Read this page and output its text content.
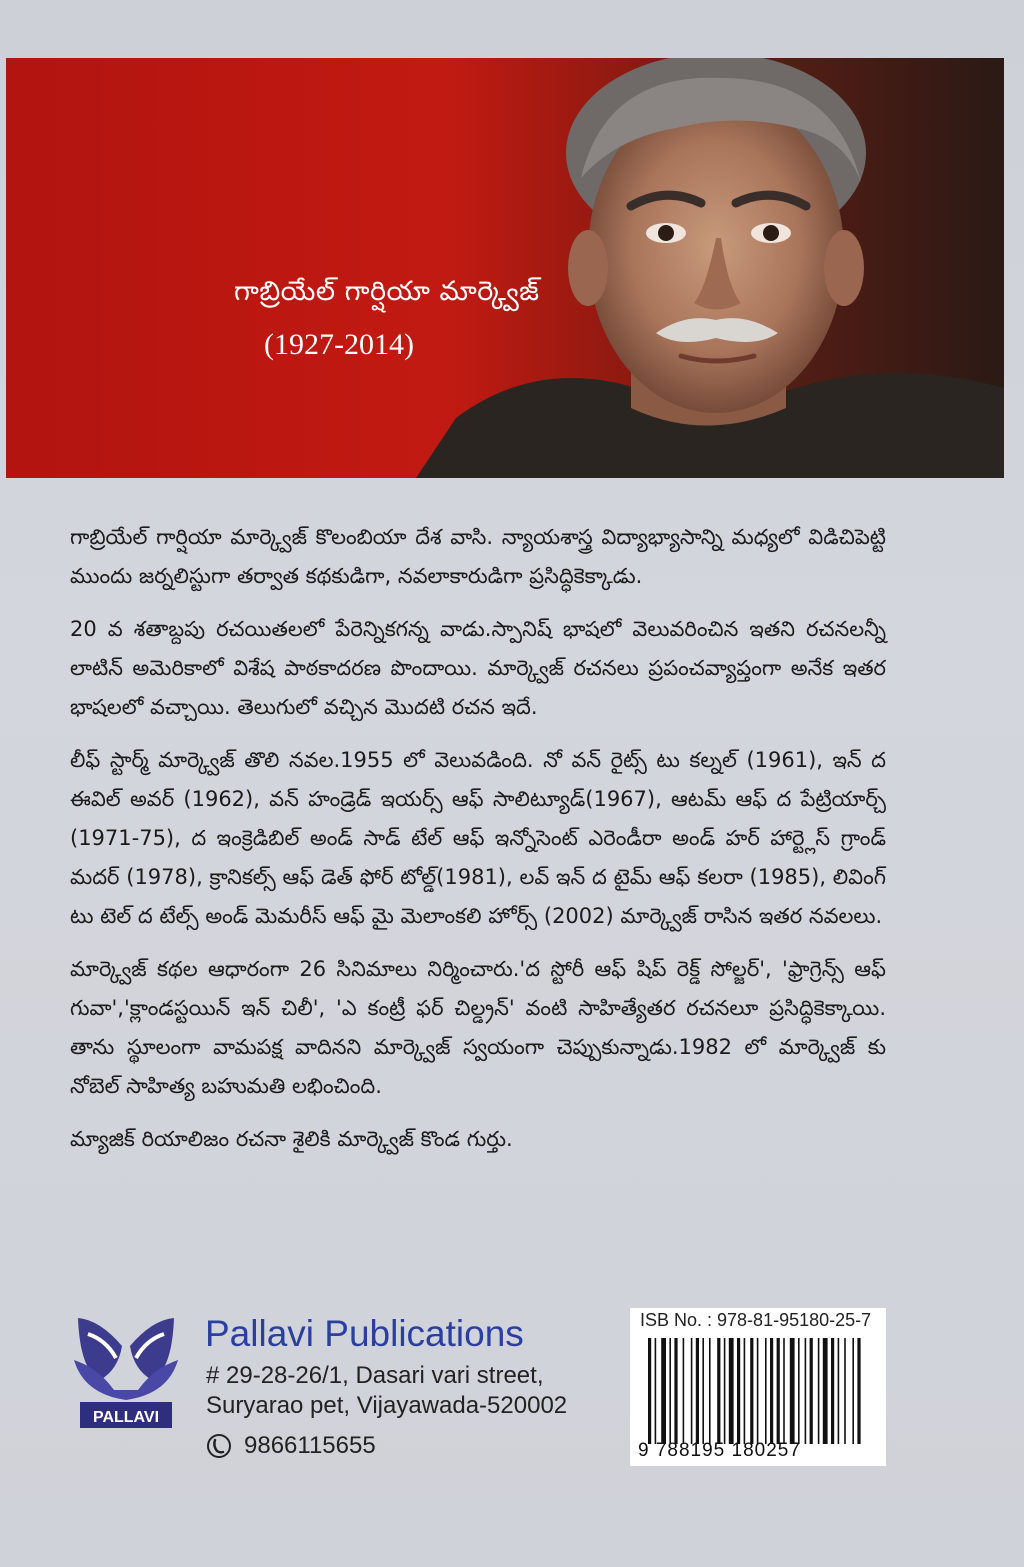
గాబ్రియేల్ గార్షియా మార్క్వెజ్
(1927-2014)

గాబ్రియేల్ గార్షియా మార్క్వెజ్ కొలంబియా దేశ వాసి. న్యాయశాస్త్ర విద్యాభ్యాసాన్ని మధ్యలో విడిచిపెట్టి ముందు జర్నలిస్టుగా తర్వాత కథకుడిగా, నవలాకారుడిగా ప్రసిద్ధికెక్కాడు.

20 వ శతాబ్దపు రచయితలలో పేరెన్నికగన్న వాడు.స్పానిష్ భాషలో వెలువరించిన ఇతని రచనలన్నీ లాటిన్ అమెరికాలో విశేష పాఠకాదరణ పొందాయి. మార్క్వెజ్ రచనలు ప్రపంచవ్యాప్తంగా అనేక ఇతర భాషలలో వచ్చాయి. తెలుగులో వచ్చిన మొదటి రచన ఇదే.

లీఫ్ స్టార్మ్ మార్క్వెజ్ తొలి నవల.1955 లో వెలువడింది. నో వన్ రైట్స్ టు కల్నల్ (1961), ఇన్ ద ఈవిల్ అవర్ (1962), వన్ హండ్రెడ్ ఇయర్స్ ఆఫ్ సాలిట్యూడ్(1967), ఆటమ్ ఆఫ్ ద పేట్రియార్చ్ (1971-75), ద ఇంక్రెడిబిల్ అండ్ సాడ్ టేల్ ఆఫ్ ఇన్నోసెంట్ ఎరెండీరా అండ్ హర్ హార్ట్లెస్ గ్రాండ్ మదర్ (1978), క్రానికల్స్ ఆఫ్ డెత్ ఫోర్ టోల్డ్(1981), లవ్ ఇన్ ద టైమ్ ఆఫ్ కలరా (1985), లివింగ్ టు టెల్ ద టేల్స్ అండ్ మెమరీస్ ఆఫ్ మై మెలాంకలి హోర్స్ (2002) మార్క్వెజ్ రాసిన ఇతర నవలలు.

మార్క్వెజ్ కథల ఆధారంగా 26 సినిమాలు నిర్మించారు.'ద స్టోరీ ఆఫ్ షిప్ రెక్డ్ సోల్జర్', 'ఫ్రాగ్రెన్స్ ఆఫ్ గువా','క్లాండస్టయిన్ ఇన్ చిలీ', 'ఎ కంట్రీ ఫర్ చిల్డ్రన్' వంటి సాహిత్యేతర రచనలూ ప్రసిద్ధికెక్కాయి. తాను స్థూలంగా వామపక్ష వాదినని మార్క్వెజ్ స్వయంగా చెప్పుకున్నాడు.1982 లో మార్క్వెజ్ కు నోబెల్ సాహిత్య బహుమతి లభించింది.

మ్యాజిక్ రియాలిజం రచనా శైలికి మార్క్వెజ్ కొండ గుర్తు.

PALLAVI
Pallavi Publications
# 29-28-26/1, Dasari vari street,
Suryarao pet, Vijayawada-520002
9866115655
ISB No. : 978-81-95180-25-7
9 788195 180257
